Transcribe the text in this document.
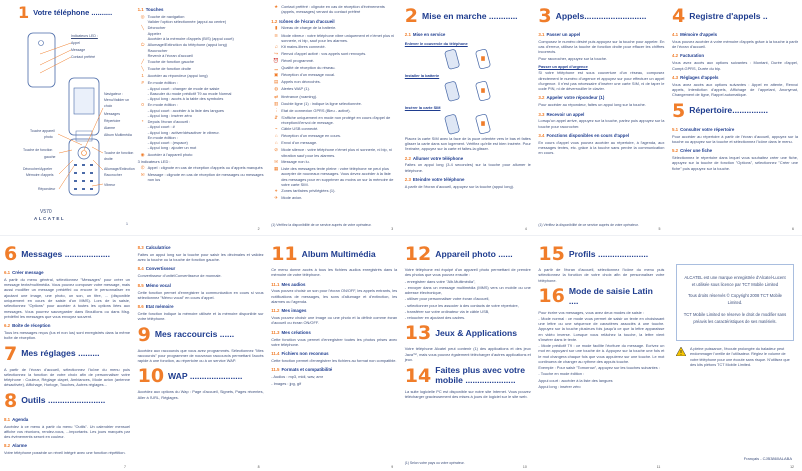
1 Votre téléphone ..........
Indicateurs LED :
Appel
Message
Contact préféré
Navigateur :
Menu/Valider un
choix
Messages
Répertoire
Alarme
Album Multimédia
Touche appareil
photo
Touche de fonction
gauche
Décrocher/Appeler
Mémoire d'appels
Répondeur
Touche de fonction
droite
Allumage/Extinction
Raccrocher
Vibreur
V570
ALCATEL
1
1.1 Touches
◎ Touche de navigation
Valider l'option sélectionnée (appui au centre)
╲ Décrocher
Appeler
Accéder à la mémoire d'appels (BIS) (appui court)
⏻ Allumage/Extinction du téléphone (appui long)
Raccrocher
Revenir à l'écran d'accueil
╱ Touche de fonction gauche
╲ Touche de fonction droite
1 Accéder au répondeur (appui long)
# En mode édition :
- Appui court : changer de mode de saisie
- Basculer du mode prédictif T9 au mode Normal
- Appui long : accès à la table des symboles
0 En mode édition :
- Appui court : accéder à la liste des langues
- Appui long : insérer zéro
*	Depuis l'écran d'accueil :
- Appui court : #
- Appui long : activer/désactiver le vibreur.
En mode édition :
- Appui court : (espace)
- Appui long : ajouter un mot
◉ Accéder à l'appareil photo
3 indicateurs LED :
✆ Appel : clignote en cas de réception d'appels ou d'appels manqués
✉ Message : clignote en cas de réception de messages ou messages non lus
2
★ Contact préféré : clignote en cas de réception d'événements (appels, messages) venant du contact préféré
1.2 Icônes de l'écran d'accueil
▮ Niveau de charge de la batterie.
≋ Mode vibreur : votre téléphone vibre uniquement et n'émet plus ni sonnerie, ni bip, sauf pour les alarmes.
♫ Kit mains-libres connecté.
↪ Renvoi d'appel activé : vos appels sont renvoyés.
⏰ Réveil programmé.
▁ Qualité de réception du réseau.
▣ Réception d'un message vocal.
▤ Appels non décrochés.
◍ Alertes WAP (1).
⇄ Itinérance (roaming).
▥ Double ligne (1) : indique la ligne sélectionnée.
⋮ Etat de connexion GPRS (Bleu - activé).
⇵ S'affiche uniquement en mode non protégé en cours d'appel de réception/d'envoi de message.
⌁ Câble USB connecté.
⌂ Réception d'un message en cours.
⌂ Envoi d'un message.
⊘ Mode silence : votre téléphone n'émet plus ni sonnerie, ni bip, ni vibration sauf pour les alarmes.
✉ Message non lu.
▦ Liste des messages texte pleine : votre téléphone ne peut plus accepter de nouveaux messages. Vous devez accéder à la liste des messages pour en supprimer au moins un sur la mémoire de votre carte SIM.
⌖ Zones tarifaires privilégiées (1).
✈ Mode avion.
(1) Vérifiez la disponibilité de ce service auprès de votre opérateur.
3
2 Mise en marche ............
2.1 Mise en service
Enlever le couvercle du téléphone
Installer la batterie
Insérer la carte SIM
Placez la carte SIM avec la face de la puce orientée vers le bas et faites glisser la carte dans son logement. Vérifiez qu'elle est bien insérée. Pour l'extraire, appuyez sur la carte et faites-la glisser.
2.2 Allumer votre téléphone
Faites un appui long (3-4 secondes) sur la touche pour allumer le téléphone.
2.3 Eteindre votre téléphone
A partir de l'écran d'accueil, appuyez sur la touche (appui long).
4
3 Appels..........................
3.1 Passer un appel
Composez le numéro désiré puis appuyez sur la touche pour appeler. En cas d'erreur, utilisez la touche de fonction droite pour effacer les chiffres incorrects.
Pour raccrocher, appuyez sur la touche.
Passer un appel d'urgence
Si votre téléphone est sous couverture d'un réseau, composez directement le numéro d'urgence et appuyez sur pour effectuer un appel d'urgence. Il n'est pas nécessaire d'insérer une carte SIM, ni de taper le code PIN, ni de déverrouiller le clavier.
3.2 Appeler votre répondeur (1)
Pour accéder au répondeur, faites un appui long sur la touche.
3.3 Recevoir un appel
Lorsqu'un appel arrive, appuyez sur la touche, parlez puis appuyez sur la touche pour raccrocher.
3.4 Fonctions disponibles en cours d'appel
En cours d'appel vous pouvez accéder au répertoire, à l'agenda, aux messages textes, etc. grâce à la touche sans perdre la communication en cours.
(1) Vérifiez la disponibilité de ce service auprès de votre opérateur.
5
4 Registre d'appels ..
4.1 Mémoire d'appels
Vous pouvez accéder à votre mémoire d'appels grâce à la touche à partir de l'écran d'accueil.
4.2 Facturation
Vous avez accès aux options suivantes : Montant, Durée d'appel, Compt.GPRS, Durée du bip.
4.3 Réglages d'appels
Vous avez accès aux options suivantes : Appel en attente, Renvoi appels, Interdiction d'appels, Affichage de l'appelant, Anonymat, Changement de ligne, Rappel automatique.
5 Répertoire...............
5.1 Consulter votre répertoire
Pour accéder au répertoire à partir de l'écran d'accueil, appuyez sur la touche ou appuyez sur la touche et sélectionnez l'icône dans le menu.
5.2 Créer une fiche
Sélectionnez le répertoire dans lequel vous souhaitez créer une fiche, appuyez sur la touche de fonction "Options", sélectionnez "Créer une fiche" puis appuyez sur la touche.
6
6 Messages ...................
6.1 Créer message
A partir du menu général, sélectionnez "Messages" pour créer un message texte/multimédia. Vous pouvez composer votre message, mais aussi modifier un message prédéfini ou encore le personnaliser en ajoutant une image, une photo, un son, un titre, ... (disponible uniquement en cours de saisie d'un MMS). Lors de la saisie, sélectionnez "Options" pour accéder à toutes les options liées aux messages. Vous pourrez sauvegarder dans Brouillons ou dans Msg. prédéfini les messages que vous envoyez souvent.
6.2 Boîte de réception
Tous les messages reçus (lus et non lus) sont enregistrés dans la même boîte de réception.
7 Mes réglages .........
A partir de l'écran d'accueil, sélectionnez l'icône du menu puis sélectionnez la fonction de votre choix afin de personnaliser votre téléphone : Couleur, Réglage clapet, Ambiances, Mode avion (antenne désactivée), Affichage, Horloge, Touches, Autres réglages...
8 Outils ........................
8.1 Agenda
Accédez à ce menu à partir du menu "Outils". Un calendrier mensuel affiche vos réunions, rendez-vous, ...importants. Les jours marqués par des événements seront en couleur.
8.2 Alarme
Votre téléphone possède un réveil intégré avec une fonction répétition.
7
8.3 Calculatrice
Faites un appui long sur la touche pour saisir les décimales et validez avec la touche ou la touche de fonction gauche.
8.4 Convertisseur
Convertisseur d'unité/Convertisseur de monnaie.
8.5 Mémo vocal
Cette fonction permet d'enregistrer la communication en cours si vous sélectionnez "Mémo vocal" en cours d'appel.
8.6 Etat mémoire
Cette fonction indique la mémoire utilisée et la mémoire disponible sur votre téléphone.
9 Mes raccourcis ......
Accédez aux raccourcis que vous avez programmés. Sélectionnez "Mes raccourcis" pour programmer de nouveaux raccourcis permettant l'accès rapide à une fonction, au répertoire ou à un service WAP.
10 WAP ......................
Accédez aux options du Wap : Page d'accueil, Signets, Pages récentes, Aller à l'URL, Réglages.
8
11 Album Multimédia
Ce menu donne accès à tous les fichiers audios enregistrés dans la mémoire de votre téléphone.
11.1 Mes audios
Vous pouvez choisir un son pour l'écran ON/OFF, les appels entrants, les notifications de messages, les sons d'allumage et d'extinction, les alarmes ou l'agenda.
11.2 Mes images
Vous pouvez choisir une image ou une photo et la définir comme écran d'accueil ou écran ON/OFF.
11.3 Mes créations
Cette fonction vous permet d'enregistrer toutes les photos prises avec votre téléphone.
11.4 Fichiers non reconnus
Cette fonction permet d'enregistrer les fichiers au format non compatible.
11.5 Formats et compatibilité
- Audios : mp3, midi, wav, amr
- Images : jpg, gif
9
12 Appareil photo ......
Votre téléphone est équipé d'un appareil photo permettant de prendre des photos que vous pouvez ensuite :
- enregistrer dans votre "Alb.Multimédia",
- envoyer dans un message multimédia (MMS) vers un mobile ou une adresse électronique,
- utiliser pour personnaliser votre écran d'accueil,
- sélectionner pour les associer à des contacts de votre répertoire,
- transférer sur votre ordinateur via le câble USB,
- retoucher en ajoutant des cadres.
13 Jeux & Applications
Votre téléphone Alcatel peut contenir (1) des applications et des jeux Java™, mais vous pouvez également télécharger d'autres applications et jeux.
14 Faites plus avec votre mobile .....................
La suite logicielle PC est disponible sur notre site Internet. Vous pouvez télécharger gracieusement des mises à jours de logiciel sur le site web.
(1) Selon votre pays ou votre opérateur.
10
15 Profils .....................
A partir de l'écran d'accueil, sélectionnez l'icône du menu puis sélectionnez la fonction de votre choix afin de personnaliser votre téléphone.
16 Mode de saisie Latin ....
Pour écrire vos messages, vous avez deux modes de saisie :
- Mode normal : ce mode vous permet de saisir un texte en choisissant une lettre ou une séquence de caractères associés à une touche. Appuyez sur la touche plusieurs fois jusqu'à ce que la lettre apparaisse en vidéo inverse. Lorsque vous relâchez la touche, la lettre vient s'insérer dans le texte.
- Mode prédictif T9 : ce mode facilite l'écriture du message. Ecrivez un mot en appuyant sur une touche de à. Appuyez sur la touche une fois et le mot changera chaque fois que vous appuierez sur une touche. Le mot continuera de changer au rythme des appuis touche.
Exemple : Pour saisir "Tomorrow", appuyez sur les touches suivantes :
- Touche en mode édition :
Appui court : accéder à la liste des langues
Appui long : insérer zéro
11
ALCATEL est une marque enregistrée d'Alcatel-Lucent et utilisée sous licence par TCT Mobile Limited
Tous droits réservés © Copyright 2008 TCT Mobile Limited.
TCT Mobile Limited se réserve le droit de modifier sans préavis les caractéristiques de ses matériels.
A pleine puissance, l'écoute prolongée du baladeur peut endommager l'oreille de l'utilisateur. Réglez le volume de votre téléphone pour une écoute sans risque. N'utilisez que des kits piétons TCT Mobile Limited.
Français - CJB3860ALABA
12
